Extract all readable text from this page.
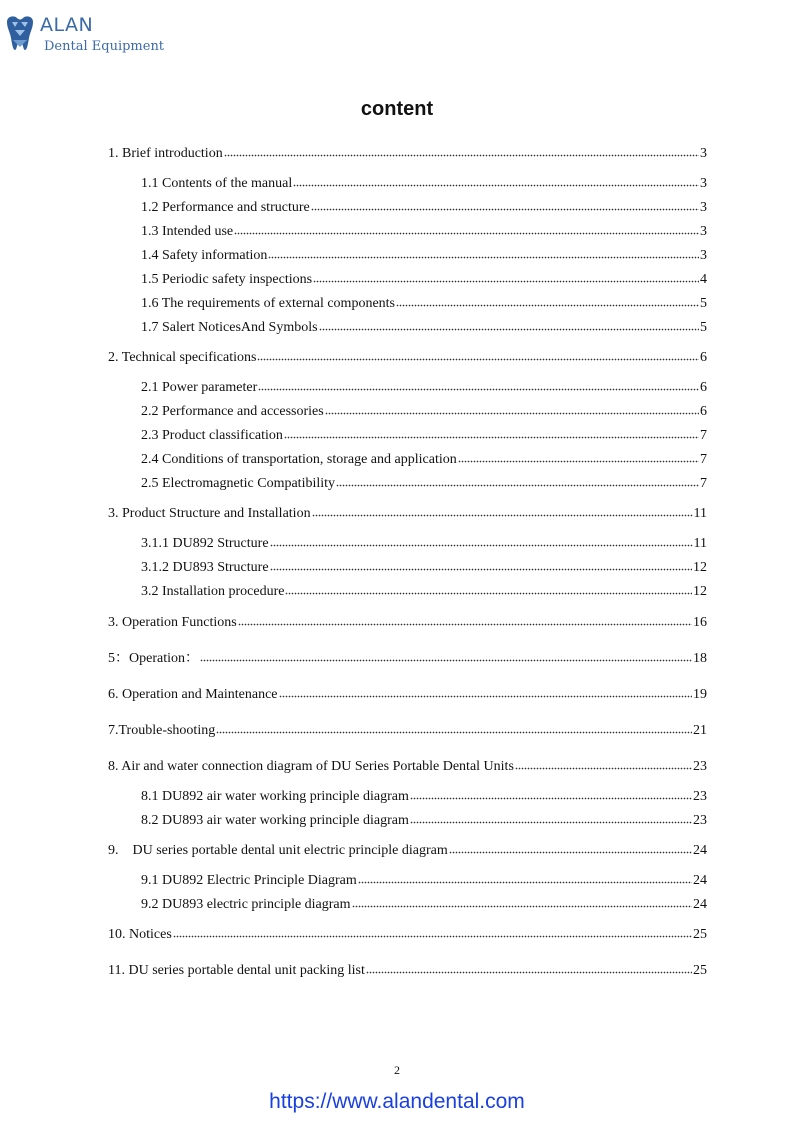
ALAN
Dental Equipment
content
1. Brief introduction	3
1.1 Contents of the manual	3
1.2 Performance and structure	3
1.3 Intended use	3
1.4 Safety information	3
1.5 Periodic safety inspections	4
1.6 The requirements of external components	5
1.7 Salert NoticesAnd Symbols	5
2. Technical specifications	6
2.1 Power parameter	6
2.2 Performance and accessories	6
2.3 Product classification	7
2.4 Conditions of transportation, storage and application	7
2.5 Electromagnetic Compatibility	7
3. Product Structure and Installation	11
3.1.1 DU892 Structure	11
3.1.2 DU893 Structure	12
3.2 Installation procedure	12
3. Operation Functions	16
5：Operation：	18
6. Operation and Maintenance	19
7.Trouble-shooting	21
8. Air and water connection diagram of DU Series Portable Dental Units	23
8.1 DU892 air water working principle diagram	23
8.2 DU893 air water working principle diagram	23
9.    DU series portable dental unit electric principle diagram	24
9.1 DU892 Electric Principle Diagram	24
9.2 DU893 electric principle diagram	24
10. Notices	25
11. DU series portable dental unit packing list	25
2
https://www.alandental.com
